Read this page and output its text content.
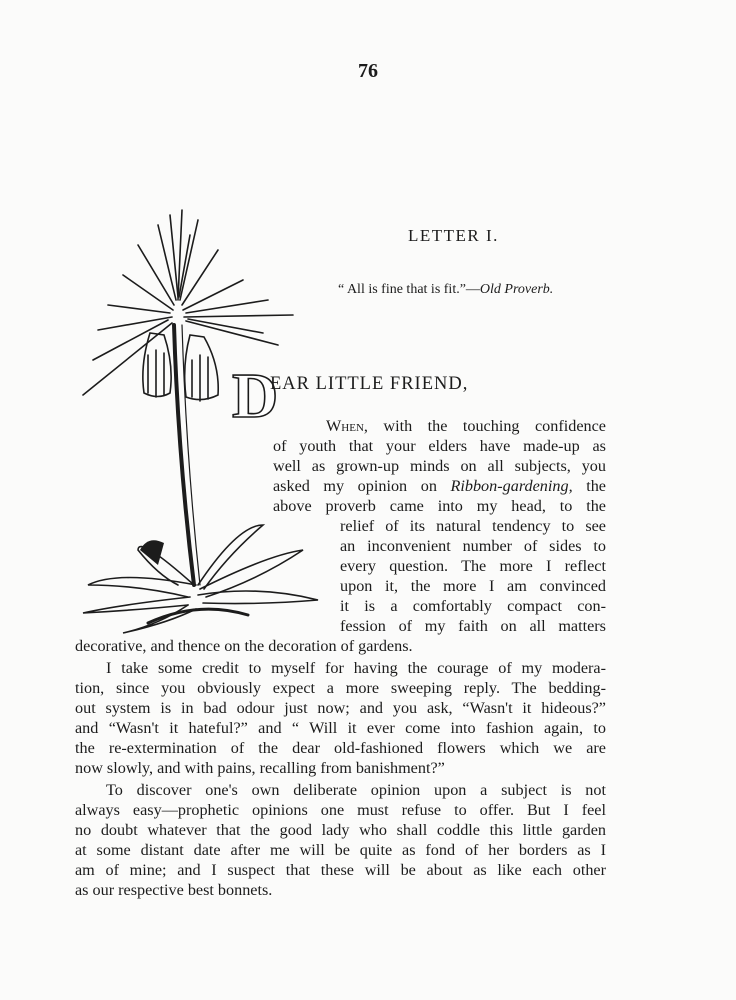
76
LETTER I.
“ All is fine that is fit.”—Old Proverb.
D
EAR LITTLE FRIEND,
When, with the touching confidence
of youth that your elders have made-up as
well as grown-up minds on all subjects, you
asked my opinion on Ribbon-gardening, the
above proverb came into my head, to the
relief of its natural tendency to see
an inconvenient number of sides to
every question. The more I reflect
upon it, the more I am convinced
it is a comfortably compact con-
fession of my faith on all matters
decorative, and thence on the decoration of gardens.
I take some credit to myself for having the courage of my modera-
tion, since you obviously expect a more sweeping reply. The bedding-
out system is in bad odour just now; and you ask, “Wasn't it hideous?”
and “Wasn't it hateful?” and “ Will it ever come into fashion again, to
the re-extermination of the dear old-fashioned flowers which we are
now slowly, and with pains, recalling from banishment?”
To discover one's own deliberate opinion upon a subject is not
always easy—prophetic opinions one must refuse to offer. But I feel
no doubt whatever that the good lady who shall coddle this little garden
at some distant date after me will be quite as fond of her borders as I
am of mine; and I suspect that these will be about as like each other
as our respective best bonnets.
